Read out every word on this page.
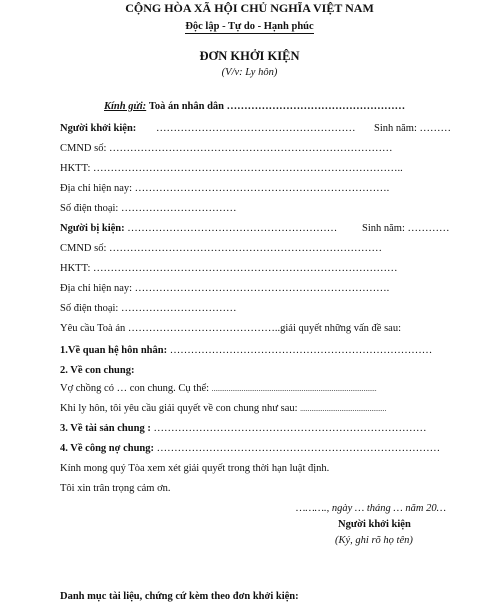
CỘNG HÒA XÃ HỘI CHỦ NGHĨA VIỆT NAM
Độc lập - Tự do - Hạnh phúc
ĐƠN KHỞI KIỆN
(V/v: Ly hôn)
Kính gửi: Toà án nhân dân ……………………………………………
Người khởi kiện: ………………………………………………… Sinh năm: ………
CMND số: ………………………………………………………………………
HKTT: ……………………………………………………………………………..
Địa chỉ hiện nay: ……………………………………………………………….
Số điện thoại: ……………………………
Người bị kiện: …………………………………………………… Sinh năm: …………
CMND số: ……………………………………………………………………
HKTT: ……………………………………………………………………………
Địa chỉ hiện nay: ……………………………………………………………….
Số điện thoại: ……………………………
Yêu cầu Toà án ……………………………………..giải quyết những vấn đề sau:
1.Về quan hệ hôn nhân: …………………………………………………………………
2. Về con chung:
Vợ chồng có … con chung. Cụ thể: ........................................................................................
Khi ly hôn, tôi yêu cầu giải quyết về con chung như sau: ..............................................
3. Về tài sản chung : ……………………………………………………………………
4. Về công nợ chung: ………………………………………………………………………
Kính mong quý Tòa xem xét giải quyết trong thời hạn luật định.
Tôi xin trân trọng cảm ơn.
………., ngày … tháng … năm 20…
Người khởi kiện
(Ký, ghi rõ họ tên)
Danh mục tài liệu, chứng cứ kèm theo đơn khởi kiện:
